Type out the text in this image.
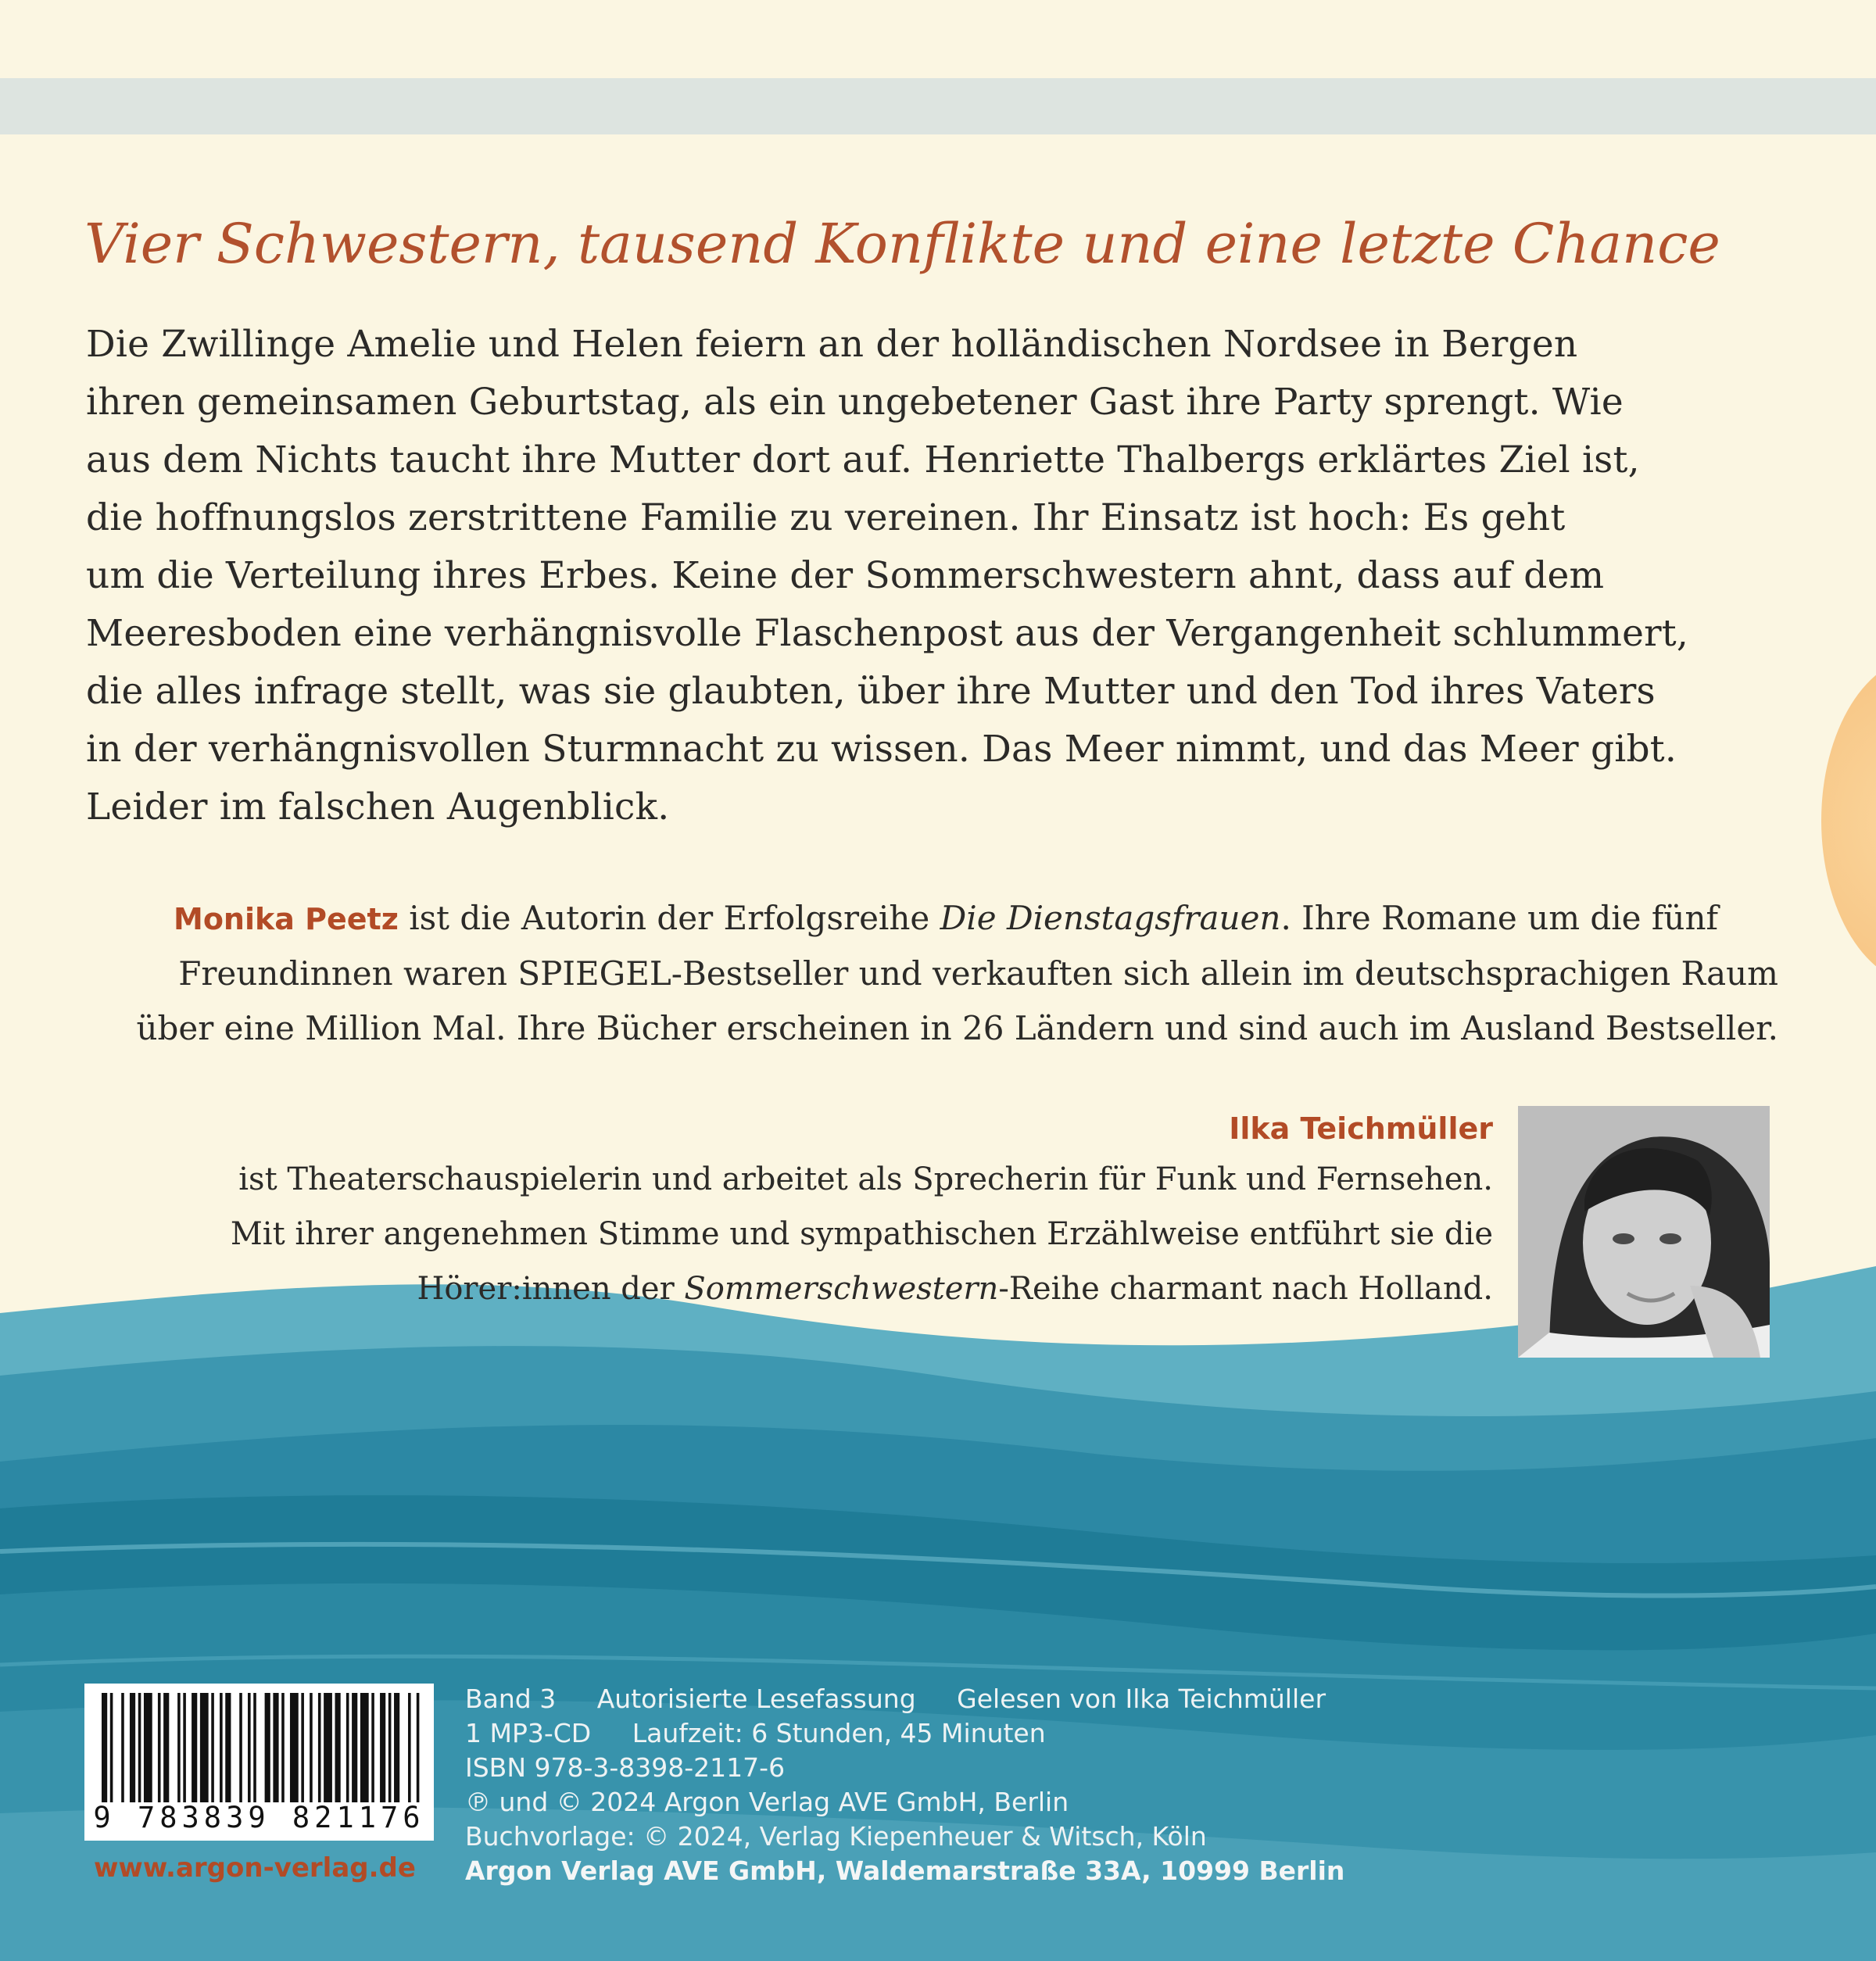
Vier Schwestern, tausend Konflikte und eine letzte Chance
Die Zwillinge Amelie und Helen feiern an der holländischen Nordsee in Bergen
ihren gemeinsamen Geburtstag, als ein ungebetener Gast ihre Party sprengt. Wie
aus dem Nichts taucht ihre Mutter dort auf. Henriette Thalbergs erklärtes Ziel ist,
die hoffnungslos zerstrittene Familie zu vereinen. Ihr Einsatz ist hoch: Es geht
um die Verteilung ihres Erbes. Keine der Sommerschwestern ahnt, dass auf dem
Meeresboden eine verhängnisvolle Flaschenpost aus der Vergangenheit schlummert,
die alles infrage stellt, was sie glaubten, über ihre Mutter und den Tod ihres Vaters
in der verhängnisvollen Sturmnacht zu wissen. Das Meer nimmt, und das Meer gibt.
Leider im falschen Augenblick.
Monika Peetz ist die Autorin der Erfolgsreihe Die Dienstagsfrauen. Ihre Romane um die fünf
Freundinnen waren SPIEGEL-Bestseller und verkauften sich allein im deutschsprachigen Raum
über eine Million Mal. Ihre Bücher erscheinen in 26 Ländern und sind auch im Ausland Bestseller.
Ilka Teichmüller
ist Theaterschauspielerin und arbeitet als Sprecherin für Funk und Fernsehen.
Mit ihrer angenehmen Stimme und sympathischen Erzählweise entführt sie die
Hörer:innen der Sommerschwestern-Reihe charmant nach Holland.
9 783839 821176
www.argon-verlag.de
Band 3 Autorisierte Lesefassung Gelesen von Ilka Teichmüller
1 MP3-CD Laufzeit: 6 Stunden, 45 Minuten
ISBN 978-3-8398-2117-6
℗ und © 2024 Argon Verlag AVE GmbH, Berlin
Buchvorlage: © 2024, Verlag Kiepenheuer & Witsch, Köln
Argon Verlag AVE GmbH, Waldemarstraße 33A, 10999 Berlin
